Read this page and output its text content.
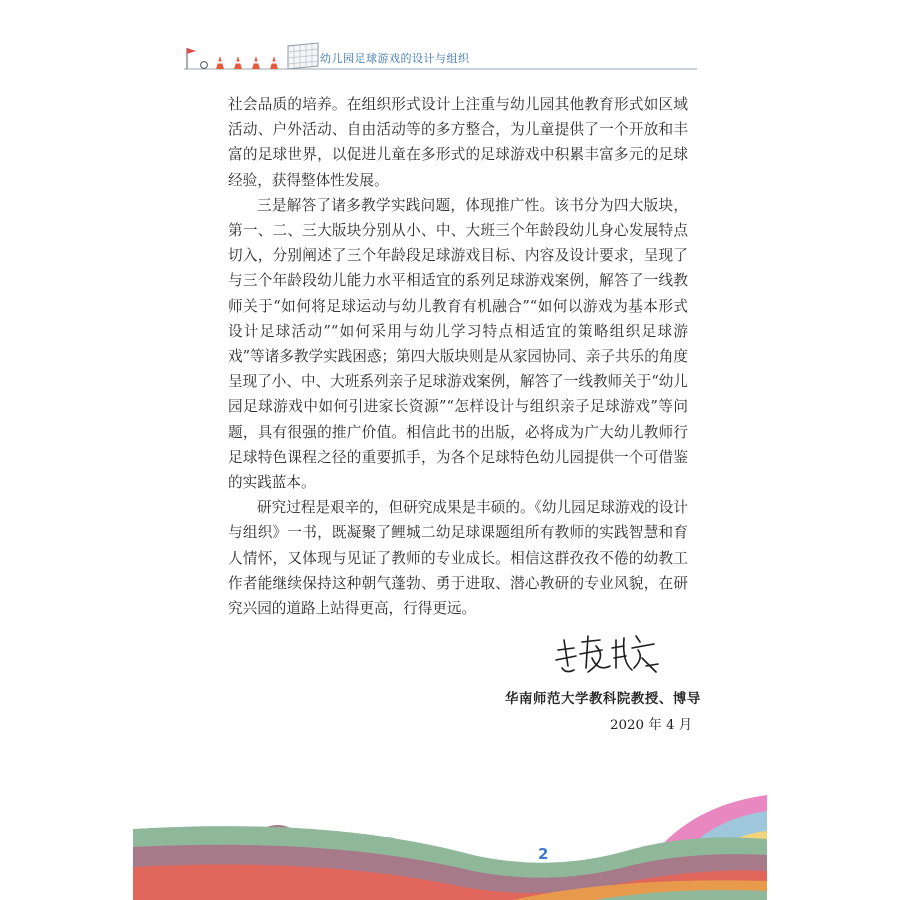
幼儿园足球游戏的设计与组织

社会品质的培养。在组织形式设计上注重与幼儿园其他教育形式如区域活动、户外活动、自由活动等的多方整合，为儿童提供了一个开放和丰富的足球世界，以促进儿童在多形式的足球游戏中积累丰富多元的足球经验，获得整体性发展。

三是解答了诸多教学实践问题，体现推广性。该书分为四大版块，第一、二、三大版块分别从小、中、大班三个年龄段幼儿身心发展特点切入，分别阐述了三个年龄段足球游戏目标、内容及设计要求，呈现了与三个年龄段幼儿能力水平相适宜的系列足球游戏案例，解答了一线教师关于“如何将足球运动与幼儿教育有机融合”“如何以游戏为基本形式设计足球活动”“如何采用与幼儿学习特点相适宜的策略组织足球游戏”等诸多教学实践困惑；第四大版块则是从家园协同、亲子共乐的角度呈现了小、中、大班系列亲子足球游戏案例，解答了一线教师关于“幼儿园足球游戏中如何引进家长资源”“怎样设计与组织亲子足球游戏”等问题，具有很强的推广价值。相信此书的出版，必将成为广大幼儿教师行足球特色课程之径的重要抓手，为各个足球特色幼儿园提供一个可借鉴的实践蓝本。

研究过程是艰辛的，但研究成果是丰硕的。《幼儿园足球游戏的设计与组织》一书，既凝聚了鲤城二幼足球课题组所有教师的实践智慧和育人情怀，又体现与见证了教师的专业成长。相信这群孜孜不倦的幼教工作者能继续保持这种朝气蓬勃、勇于进取、潜心教研的专业风貌，在研究兴园的道路上站得更高，行得更远。

华南师范大学教科院教授、博导
2020 年 4 月
2
